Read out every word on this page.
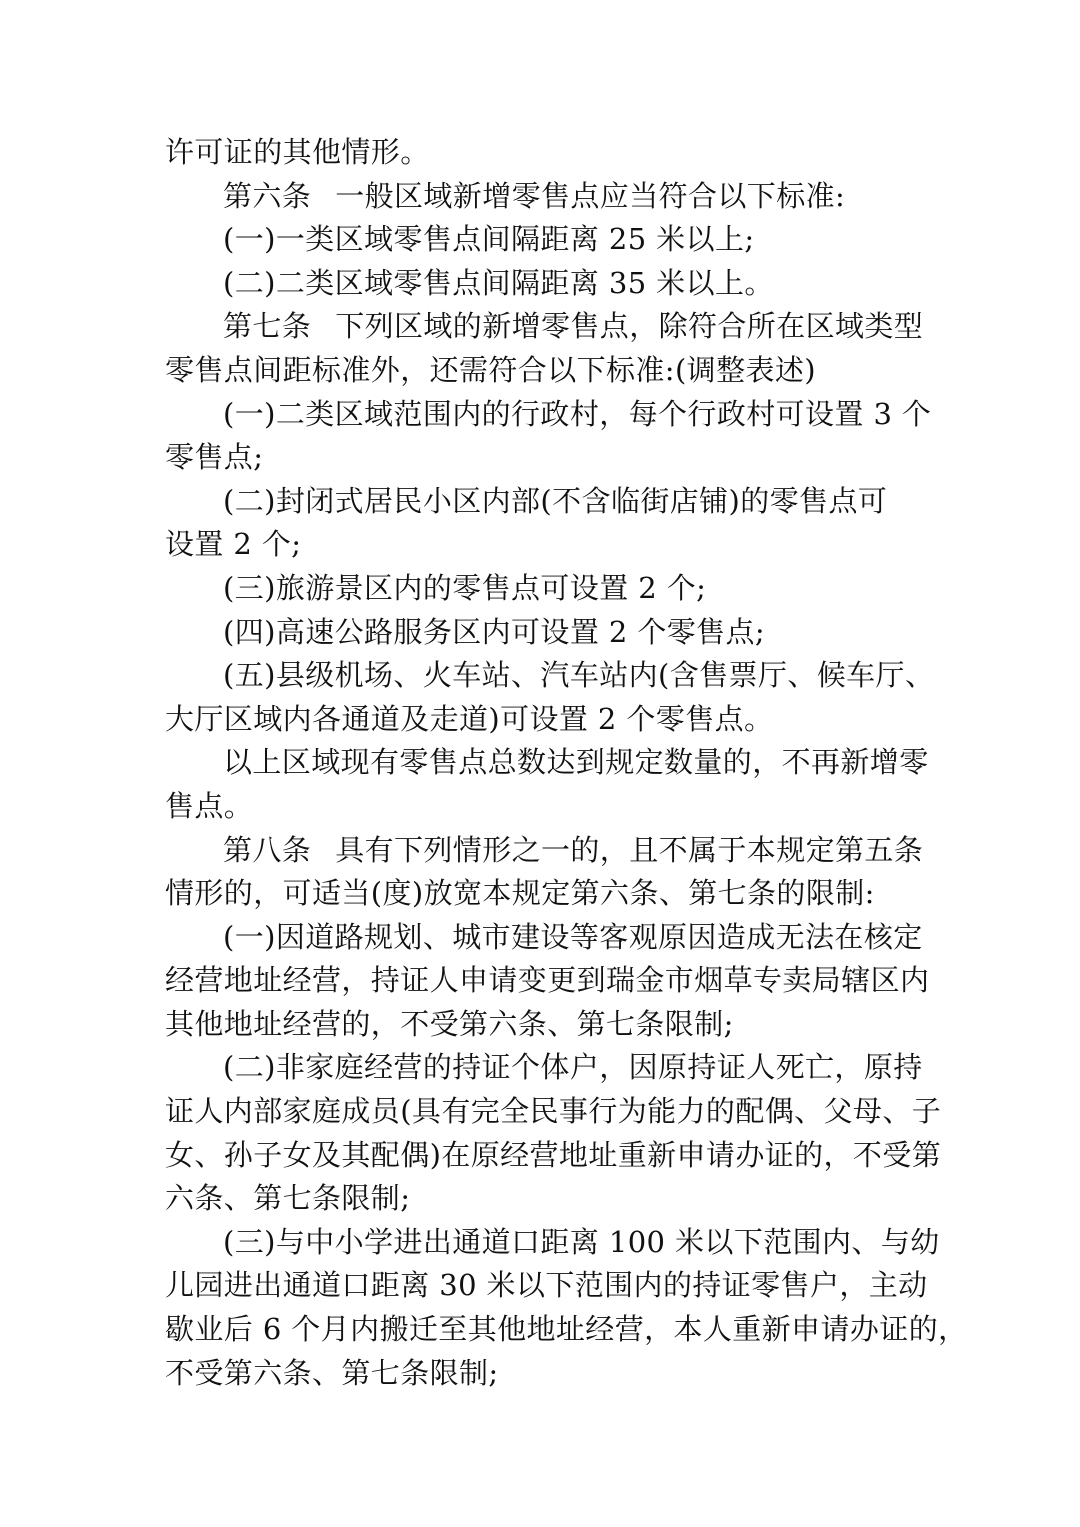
许可证的其他情形。
第六条 一般区域新增零售点应当符合以下标准:
(一)一类区域零售点间隔距离 25 米以上;
(二)二类区域零售点间隔距离 35 米以上。
第七条 下列区域的新增零售点，除符合所在区域类型
零售点间距标准外，还需符合以下标准:(调整表述)
(一)二类区域范围内的行政村，每个行政村可设置 3 个
零售点;
(二)封闭式居民小区内部(不含临街店铺)的零售点可
设置 2 个;
(三)旅游景区内的零售点可设置 2 个;
(四)高速公路服务区内可设置 2 个零售点;
(五)县级机场、火车站、汽车站内(含售票厅、候车厅、
大厅区域内各通道及走道)可设置 2 个零售点。
以上区域现有零售点总数达到规定数量的，不再新增零
售点。
第八条 具有下列情形之一的，且不属于本规定第五条
情形的，可适当(度)放宽本规定第六条、第七条的限制:
(一)因道路规划、城市建设等客观原因造成无法在核定
经营地址经营，持证人申请变更到瑞金市烟草专卖局辖区内
其他地址经营的，不受第六条、第七条限制;
(二)非家庭经营的持证个体户，因原持证人死亡，原持
证人内部家庭成员(具有完全民事行为能力的配偶、父母、子
女、孙子女及其配偶)在原经营地址重新申请办证的，不受第
六条、第七条限制;
(三)与中小学进出通道口距离 100 米以下范围内、与幼
儿园进出通道口距离 30 米以下范围内的持证零售户，主动
歇业后 6 个月内搬迁至其他地址经营，本人重新申请办证的，
不受第六条、第七条限制;
